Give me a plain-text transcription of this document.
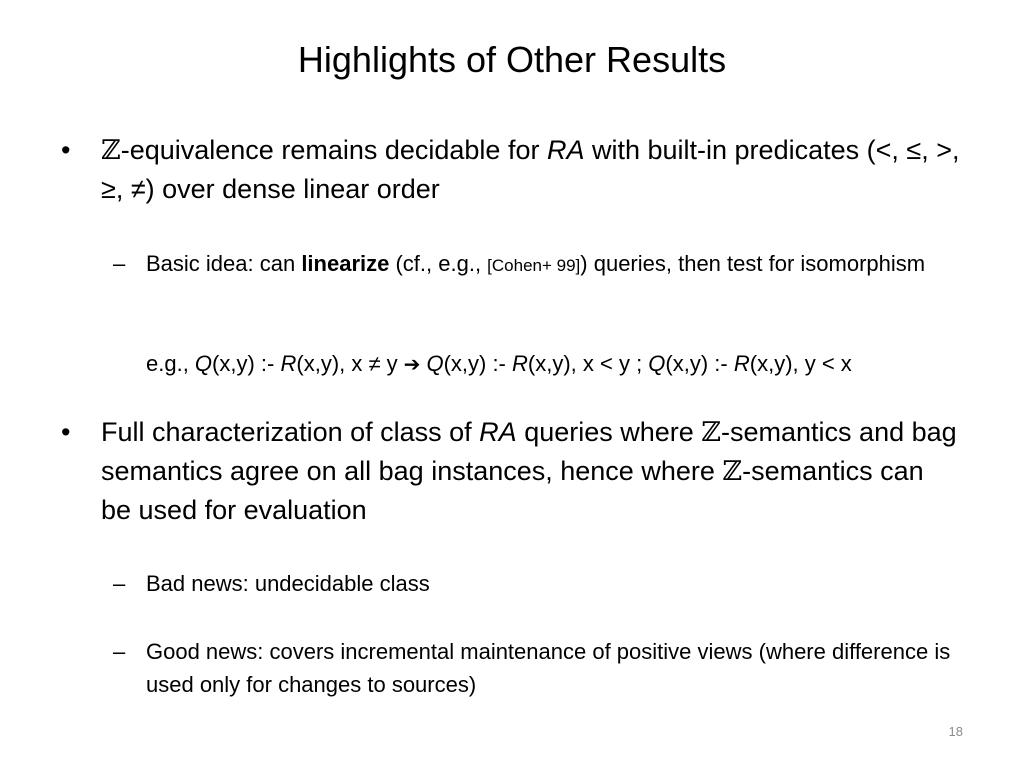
Highlights of Other Results
• ℤ-equivalence remains decidable for RA with built-in predicates (<, ≤, >, ≥, ≠) over dense linear order
– Basic idea: can linearize (cf., e.g., [Cohen+ 99]) queries, then test for isomorphism
e.g., Q(x,y) :- R(x,y), x ≠ y ➔ Q(x,y) :- R(x,y), x < y ; Q(x,y) :- R(x,y), y < x
• Full characterization of class of RA queries where ℤ-semantics and bag semantics agree on all bag instances, hence where ℤ-semantics can be used for evaluation
– Bad news: undecidable class
– Good news: covers incremental maintenance of positive views (where difference is used only for changes to sources)
18
